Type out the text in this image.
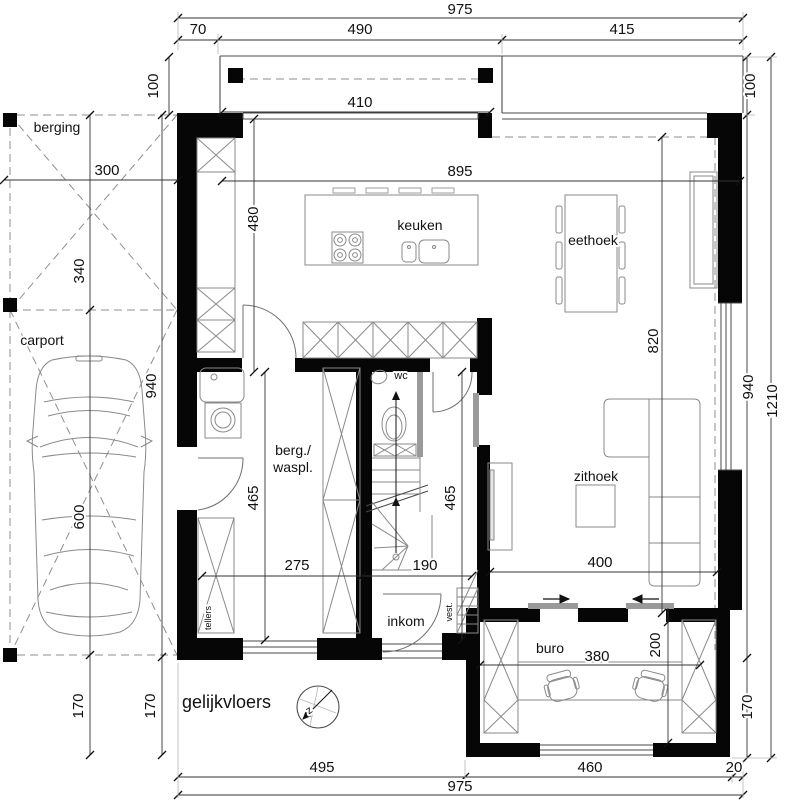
975
70	490	415
410
895
300
100	100
340
480
820
940	940 1210
600
465	465
275	190	400
380 200
170	170	170
495	460	20
975
berging
carport
keuken
eethoek
berg./
waspl.
wc
zithoek
inkom vest.
buro
tellers
gelijkvloers	z
